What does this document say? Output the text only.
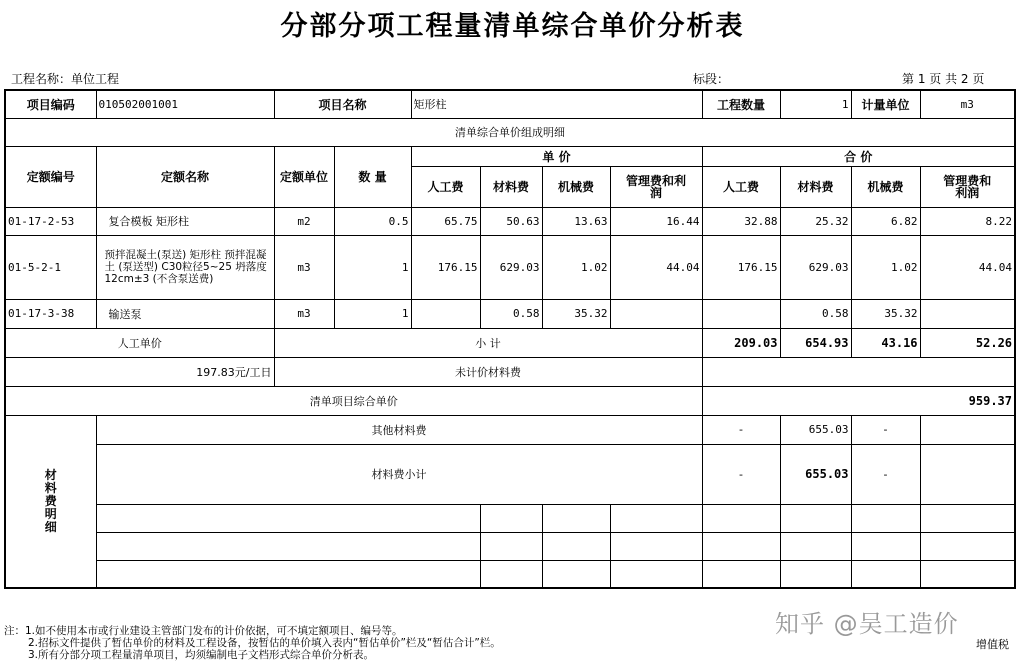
分部分项工程量清单综合单价分析表
工程名称：单位工程	标段：	第 1 页 共 2 页
项目编码	010502001001	项目名称		矩形柱				工程数量	1	计量单位	m3
清单综合单价组成明细											
定额编号	定额名称	定额单位	数 量	单 价				合 价			
				人工费	材料费	机械费	管理费和利润	人工费	材料费	机械费	管理费和利润
01-17-2-53	复合模板 矩形柱	m2	0.5	65.75	50.63	13.63	16.44	32.88	25.32	6.82	8.22
01-5-2-1	预拌混凝土(泵送) 矩形柱 预拌混凝土 (泵送型) C30粒径5~25 坍落度12cm±3 (不含泵送费)	m3	1	176.15	629.03	1.02	44.04	176.15	629.03	1.02	44.04
01-17-3-38	输送泵	m3	1		0.58	35.32			0.58	35.32	
人工单价		小 计						209.03	654.93	43.16	52.26
197.83元/工日		未计价材料费									
清单项目综合单价								959.37			

材料费明细	其他材料费							-	655.03	-	
	材料费小计							-	655.03	-	

注：1.如不使用本市或行业建设主管部门发布的计价依据，可不填定额项目、编号等。
2.招标文件提供了暂估单价的材料及工程设备，按暂估的单价填入表内“暂估单价”栏及“暂估合计”栏。
3.所有分部分项工程量清单项目，均须编制电子文档形式综合单价分析表。
知乎 @吴工造价
增值税
